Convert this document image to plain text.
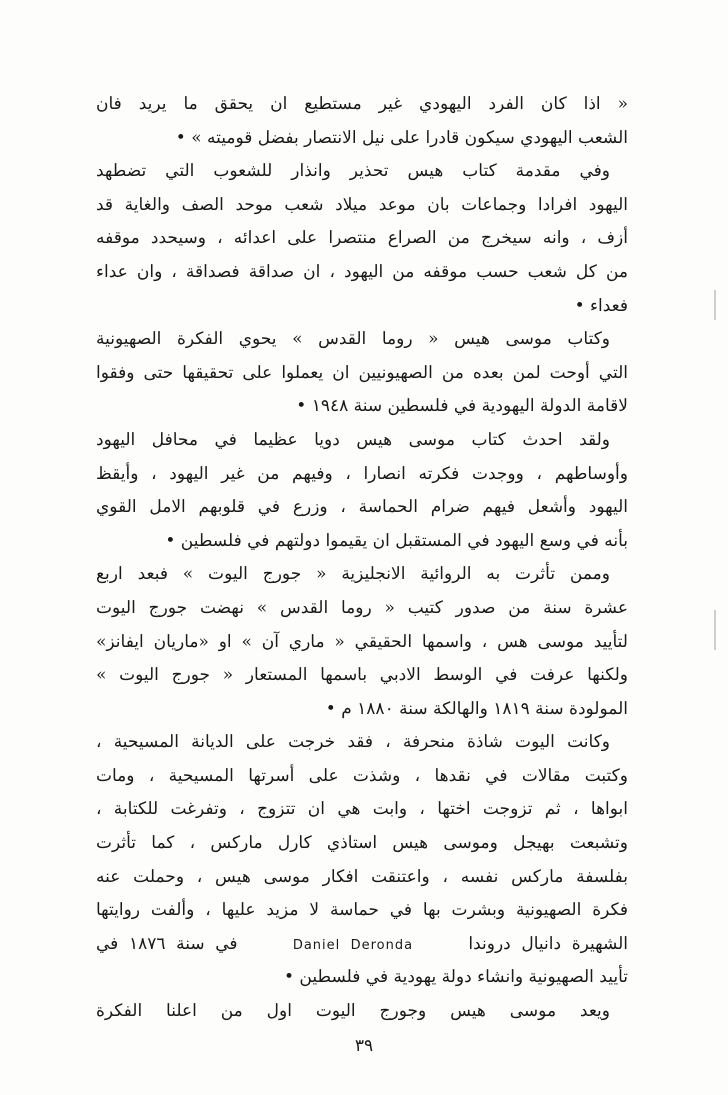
« اذا كان الفرد اليهودي غير مستطيع ان يحقق ما يريد فان
الشعب اليهودي سيكون قادرا على نيل الانتصار بفضل قوميته » •
وفي مقدمة كتاب هيس تحذير وانذار للشعوب التي تضطهد
اليهود افرادا وجماعات بان موعد ميلاد شعب موحد الصف والغاية قد
أزف ، وانه سيخرج من الصراع منتصرا على اعدائه ، وسيحدد موقفه
من كل شعب حسب موقفه من اليهود ، ان صداقة فصداقة ، وان عداء
فعداء •
وكتاب موسى هيس « روما القدس » يحوي الفكرة الصهيونية
التي أوحت لمن بعده من الصهيونيين ان يعملوا على تحقيقها حتى وفقوا
لاقامة الدولة اليهودية في فلسطين سنة ١٩٤٨ •
ولقد احدث كتاب موسى هيس دويا عظيما في محافل اليهود
وأوساطهم ، ووجدت فكرته انصارا ، وفيهم من غير اليهود ، وأيقظ
اليهود وأشعل فيهم ضرام الحماسة ، وزرع في قلوبهم الامل القوي
بأنه في وسع اليهود في المستقبل ان يقيموا دولتهم في فلسطين •
وممن تأثرت به الروائية الانجليزية « جورج اليوت » فبعد اربع
عشرة سنة من صدور كتيب « روما القدس » نهضت جورج اليوت
لتأييد موسى هس ، واسمها الحقيقي « ماري آن » او «ماريان ايفانز»
ولكنها عرفت في الوسط الادبي باسمها المستعار « جورج اليوت »
المولودة سنة ١٨١٩ والهالكة سنة ١٨٨٠ م •
وكانت اليوت شاذة منحرفة ، فقد خرجت على الديانة المسيحية ،
وكتبت مقالات في نقدها ، وشذت على أسرتها المسيحية ، ومات
ابواها ، ثم تزوجت اختها ، وابت هي ان تتزوج ، وتفرغت للكتابة ،
وتشبعت بهيجل وموسى هيس استاذي كارل ماركس ، كما تأثرت
بفلسفة ماركس نفسه ، واعتنقت افكار موسى هيس ، وحملت عنه
فكرة الصهيونية وبشرت بها في حماسة لا مزيد عليها ، وألفت روايتها
الشهيرة دانيال دروندا  Daniel Deronda  في سنة ١٨٧٦ في
تأييد الصهيونية وانشاء دولة يهودية في فلسطين •
ويعد موسى هيس وجورج اليوت اول من اعلنا الفكرة
٣٩
